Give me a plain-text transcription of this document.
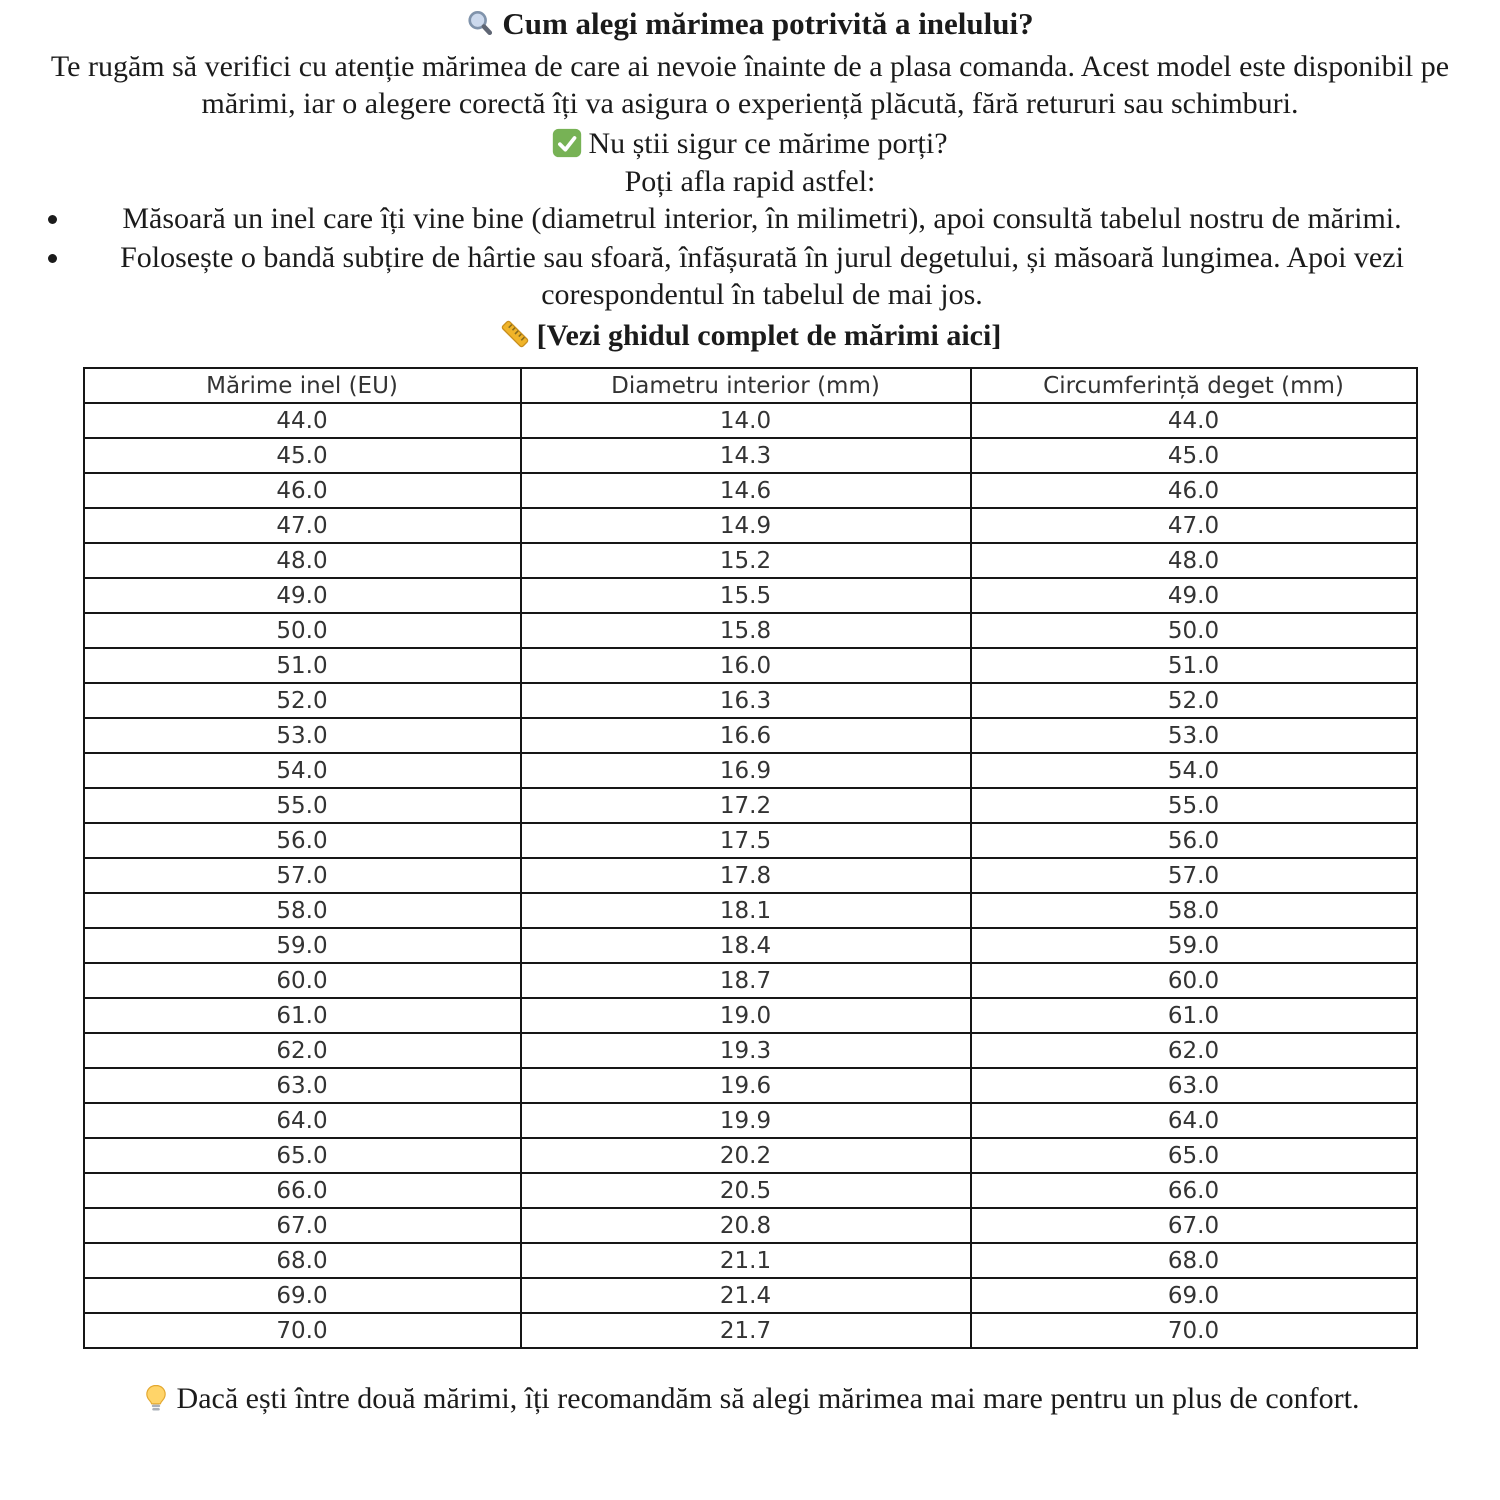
Cum alegi mărimea potrivită a inelului?

Te rugăm să verifici cu atenție mărimea de care ai nevoie înainte de a plasa comanda. Acest model este disponibil pe mărimi, iar o alegere corectă îți va asigura o experiență plăcută, fără retururi sau schimburi.

Nu știi sigur ce mărime porți?

Poți afla rapid astfel:

• Măsoară un inel care îți vine bine (diametrul interior, în milimetri), apoi consultă tabelul nostru de mărimi.
• Folosește o bandă subțire de hârtie sau sfoară, înfășurată în jurul degetului, și măsoară lungimea. Apoi vezi corespondentul în tabelul de mai jos.

[Vezi ghidul complet de mărimi aici]

Mărime inel (EU)	Diametru interior (mm)	Circumferință deget (mm)
44.0	14.0	44.0
45.0	14.3	45.0
46.0	14.6	46.0
47.0	14.9	47.0
48.0	15.2	48.0
49.0	15.5	49.0
50.0	15.8	50.0
51.0	16.0	51.0
52.0	16.3	52.0
53.0	16.6	53.0
54.0	16.9	54.0
55.0	17.2	55.0
56.0	17.5	56.0
57.0	17.8	57.0
58.0	18.1	58.0
59.0	18.4	59.0
60.0	18.7	60.0
61.0	19.0	61.0
62.0	19.3	62.0
63.0	19.6	63.0
64.0	19.9	64.0
65.0	20.2	65.0
66.0	20.5	66.0
67.0	20.8	67.0
68.0	21.1	68.0
69.0	21.4	69.0
70.0	21.7	70.0

Dacă ești între două mărimi, îți recomandăm să alegi mărimea mai mare pentru un plus de confort.
